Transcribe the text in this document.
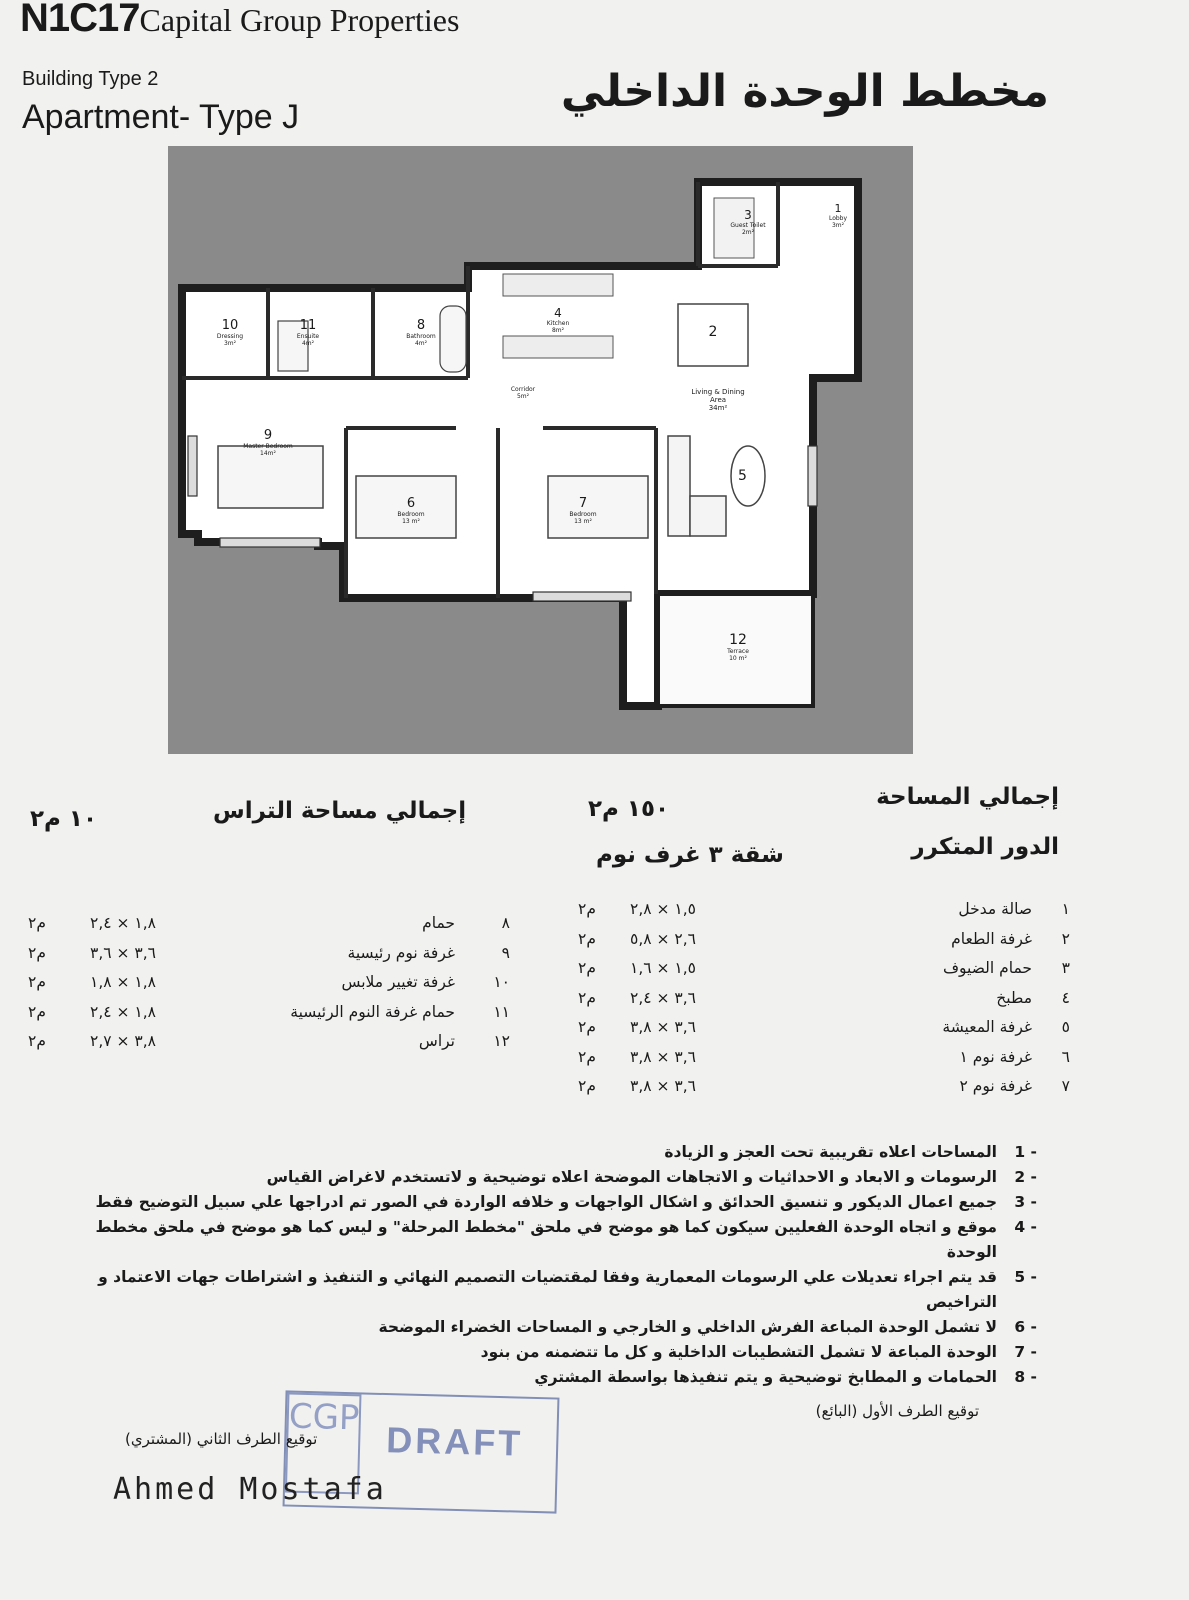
N1C17Capital Group Properties
Building Type 2
Apartment- Type J	مخطط الوحدة الداخلي
1
Lobby
3m²
2
Living & Dining Area
34m²
3
Guest Toilet
2m²
4
Kitchen
8m²
5
6
Bedroom
13 m²
7
Bedroom
13 m²
8
Bathroom
4m²
9
Master Bedroom
14m²
10
Dressing
3m²
11
Ensuite
4m²
12
Terrace
10 m²
Corridor
5m²
إجمالي المساحة
١٥٠ م٢
إجمالي مساحة التراس
١٠ م٢
الدور المتكرر
شقة ٣ غرف نوم
١
صالة مدخل
١,٥ × ٢,٨
م٢
٢
غرفة الطعام
٢,٦ × ٥,٨
م٢
٣
حمام الضيوف
١,٥ × ١,٦
م٢
٤
مطبخ
٣,٦ × ٢,٤
م٢
٥
غرفة المعيشة
٣,٦ × ٣,٨
م٢
٦
غرفة نوم ١
٣,٦ × ٣,٨
م٢
٧
غرفة نوم ٢
٣,٦ × ٣,٨
م٢
٨
حمام
١,٨ × ٢,٤
م٢
٩
غرفة نوم رئيسية
٣,٦ × ٣,٦
م٢
١٠
غرفة تغيير ملابس
١,٨ × ١,٨
م٢
١١
حمام غرفة النوم الرئيسية
١,٨ × ٢,٤
م٢
١٢
تراس
٣,٨ × ٢,٧
م٢
1 -
المساحات اعلاه تقريبية تحت العجز و الزيادة
2 -
الرسومات و الابعاد و الاحداثيات و الاتجاهات الموضحة اعلاه توضيحية و لاتستخدم لاغراض القياس
3 -
جميع اعمال الديكور و تنسيق الحدائق و اشكال الواجهات و خلافه الواردة في الصور تم ادراجها علي سبيل التوضيح فقط
4 -
موقع و اتجاه الوحدة الفعليين سيكون كما هو موضح في ملحق "مخطط المرحلة" و ليس كما هو موضح في ملحق مخطط الوحدة
5 -
قد يتم اجراء تعديلات علي الرسومات المعمارية وفقا لمقتضيات التصميم النهائي و التنفيذ و اشتراطات جهات الاعتماد و التراخيص
6 -
لا تشمل الوحدة المباعة الفرش الداخلي و الخارجي و المساحات الخضراء الموضحة
7 -
الوحدة المباعة لا تشمل التشطيبات الداخلية و كل ما تتضمنه من بنود
8 -
الحمامات و المطابخ توضيحية و يتم تنفيذها بواسطة المشتري
توقيع الطرف الأول (البائع)
CGP
DRAFT
توقيع الطرف الثاني (المشتري)
Ahmed Mostafa
